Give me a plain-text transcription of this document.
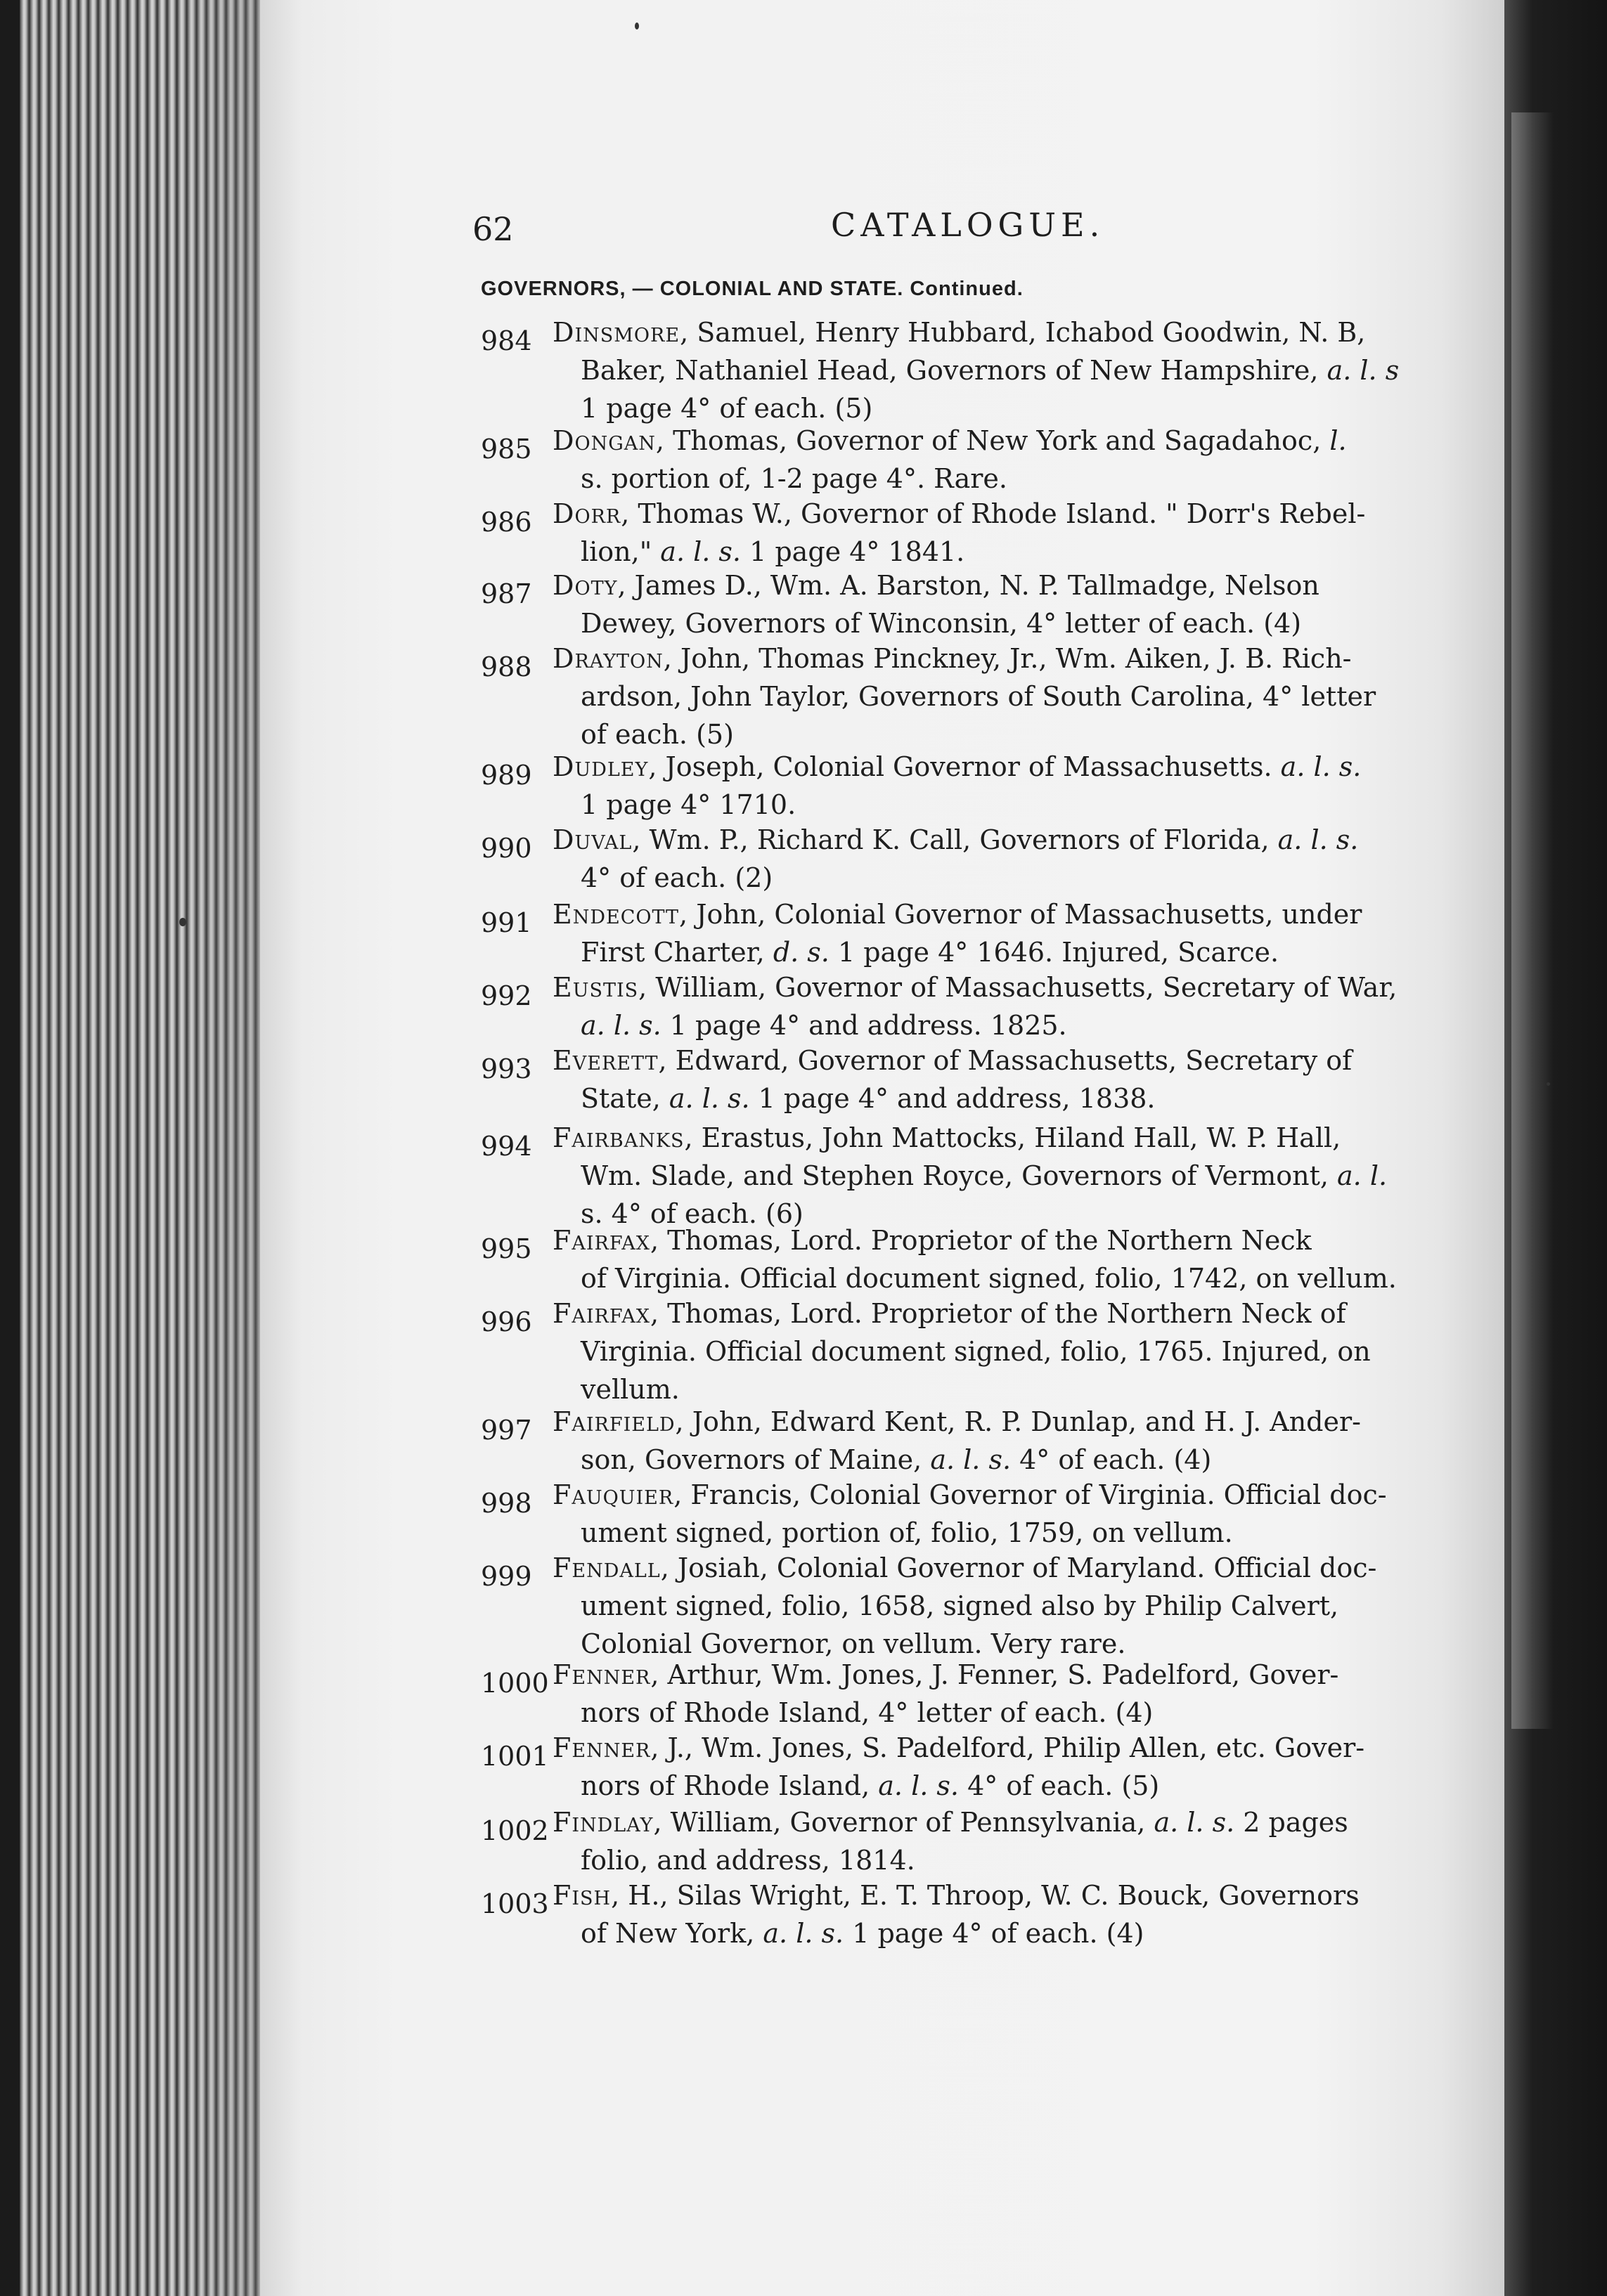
62	CATALOGUE.
GOVERNORS, — COLONIAL AND STATE. Continued.
984 Dinsmore, Samuel, Henry Hubbard, Ichabod Goodwin, N. B,
Baker, Nathaniel Head, Governors of New Hampshire, a. l. s
1 page 4° of each. (5)
985 Dongan, Thomas, Governor of New York and Sagadahoc, l.
s. portion of, 1-2 page 4°. Rare.
986 Dorr, Thomas W., Governor of Rhode Island. " Dorr's Rebel-
lion," a. l. s. 1 page 4° 1841.
987 Doty, James D., Wm. A. Barston, N. P. Tallmadge, Nelson
Dewey, Governors of Winconsin, 4° letter of each. (4)
988 Drayton, John, Thomas Pinckney, Jr., Wm. Aiken, J. B. Rich-
ardson, John Taylor, Governors of South Carolina, 4° letter
of each. (5)
989 Dudley, Joseph, Colonial Governor of Massachusetts. a. l. s.
1 page 4° 1710.
990 Duval, Wm. P., Richard K. Call, Governors of Florida, a. l. s.
4° of each. (2)
991 Endecott, John, Colonial Governor of Massachusetts, under
First Charter, d. s. 1 page 4° 1646. Injured, Scarce.
992 Eustis, William, Governor of Massachusetts, Secretary of War,
a. l. s. 1 page 4° and address. 1825.
993 Everett, Edward, Governor of Massachusetts, Secretary of
State, a. l. s. 1 page 4° and address, 1838.
994 Fairbanks, Erastus, John Mattocks, Hiland Hall, W. P. Hall,
Wm. Slade, and Stephen Royce, Governors of Vermont, a. l.
s. 4° of each. (6)
995 Fairfax, Thomas, Lord. Proprietor of the Northern Neck
of Virginia. Official document signed, folio, 1742, on vellum.
996 Fairfax, Thomas, Lord. Proprietor of the Northern Neck of
Virginia. Official document signed, folio, 1765. Injured, on
vellum.
997 Fairfield, John, Edward Kent, R. P. Dunlap, and H. J. Ander-
son, Governors of Maine, a. l. s. 4° of each. (4)
998 Fauquier, Francis, Colonial Governor of Virginia. Official doc-
ument signed, portion of, folio, 1759, on vellum.
999 Fendall, Josiah, Colonial Governor of Maryland. Official doc-
ument signed, folio, 1658, signed also by Philip Calvert,
Colonial Governor, on vellum. Very rare.
1000 Fenner, Arthur, Wm. Jones, J. Fenner, S. Padelford, Gover-
nors of Rhode Island, 4° letter of each. (4)
1001 Fenner, J., Wm. Jones, S. Padelford, Philip Allen, etc. Gover-
nors of Rhode Island, a. l. s. 4° of each. (5)
1002 Findlay, William, Governor of Pennsylvania, a. l. s. 2 pages
folio, and address, 1814.
1003 Fish, H., Silas Wright, E. T. Throop, W. C. Bouck, Governors
of New York, a. l. s. 1 page 4° of each. (4)
